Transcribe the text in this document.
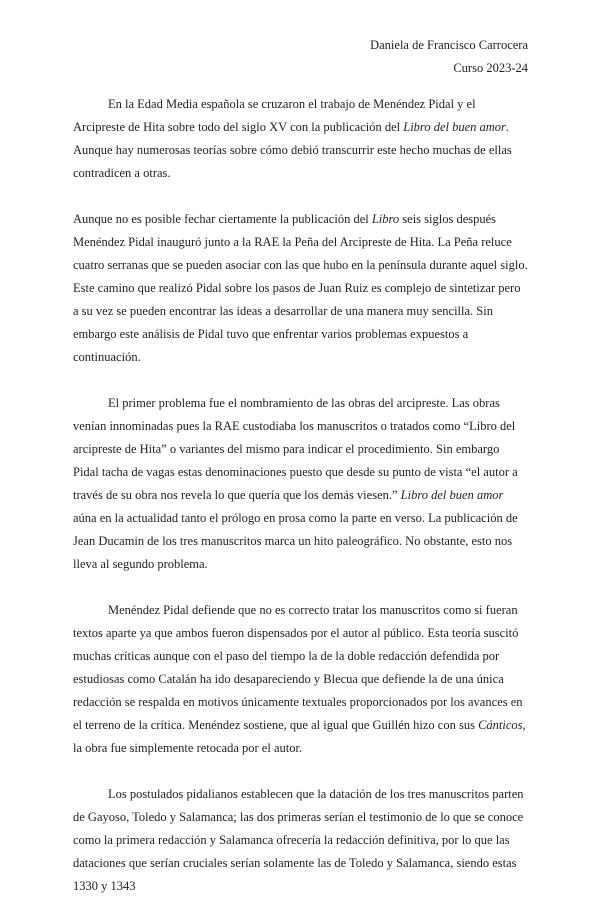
Daniela de Francisco Carrocera
Curso 2023-24

En la Edad Media española se cruzaron el trabajo de Menéndez Pidal y el Arcipreste de Hita sobre todo del siglo XV con la publicación del Libro del buen amor. Aunque hay numerosas teorías sobre cómo debió transcurrir este hecho muchas de ellas contradicen a otras.

Aunque no es posible fechar ciertamente la publicación del Libro seis siglos después Menéndez Pidal inauguró junto a la RAE la Peña del Arcipreste de Hita. La Peña reluce cuatro serranas que se pueden asociar con las que hubo en la península durante aquel siglo. Este camino que realizó Pidal sobre los pasos de Juan Ruiz es complejo de sintetizar pero a su vez se pueden encontrar las ideas a desarrollar de una manera muy sencilla. Sin embargo este análisis de Pidal tuvo que enfrentar varios problemas expuestos a continuación.

El primer problema fue el nombramiento de las obras del arcipreste. Las obras venían innominadas pues la RAE custodiaba los manuscritos o tratados como “Libro del arcipreste de Hita” o variantes del mismo para indicar el procedimiento. Sin embargo Pidal tacha de vagas estas denominaciones puesto que desde su punto de vista “el autor a través de su obra nos revela lo que quería que los demás viesen.” Libro del buen amor aúna en la actualidad tanto el prólogo en prosa como la parte en verso. La publicación de Jean Ducamin de los tres manuscritos marca un hito paleográfico. No obstante, esto nos lleva al segundo problema.

Menéndez Pidal defiende que no es correcto tratar los manuscritos como si fueran textos aparte ya que ambos fueron dispensados por el autor al público. Esta teoría suscitó muchas críticas aunque con el paso del tiempo la de la doble redacción defendida por estudiosas como Catalán ha ido desapareciendo y Blecua que defiende la de una única redacción se respalda en motivos únicamente textuales proporcionados por los avances en el terreno de la crítica. Menéndez sostiene, que al igual que Guillén hizo con sus Cánticos, la obra fue simplemente retocada por el autor.

Los postulados pidalianos establecen que la datación de los tres manuscritos parten de Gayoso, Toledo y Salamanca; las dos primeras serían el testimonio de lo que se conoce como la primera redacción y Salamanca ofrecería la redacción definitiva, por lo que las dataciones que serían cruciales serían solamente las de Toledo y Salamanca, siendo estas 1330 y 1343
